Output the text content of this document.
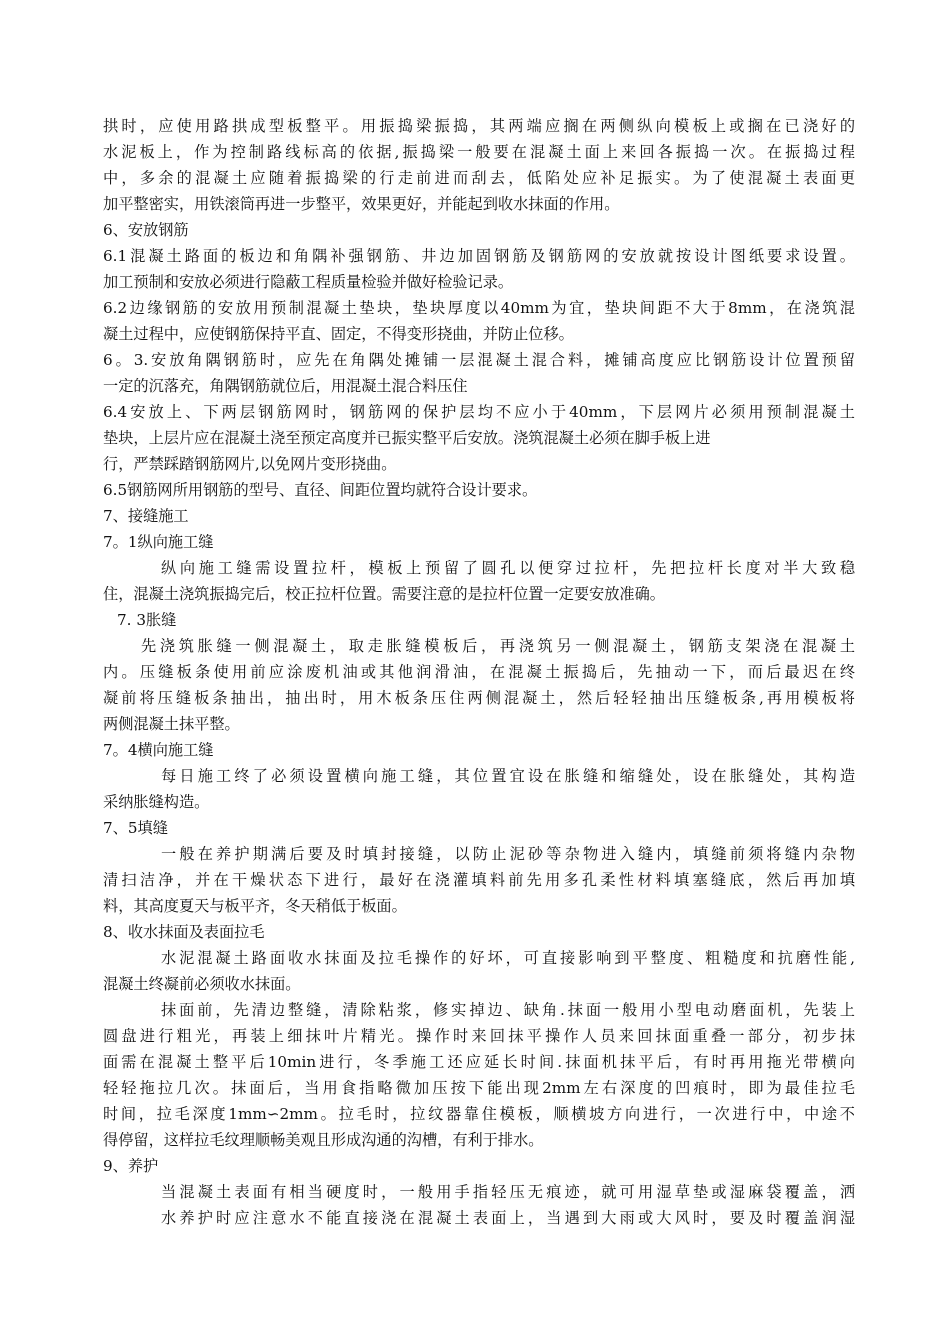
拱时，应使用路拱成型板整平。用振捣梁振捣，其两端应搁在两侧纵向模板上或搁在已浇好的
水泥板上，作为控制路线标高的依据,振捣梁一般要在混凝土面上来回各振捣一次。在振捣过程
中，多余的混凝土应随着振捣梁的行走前进而刮去，低陷处应补足振实。为了使混凝土表面更
加平整密实，用铁滚筒再进一步整平，效果更好，并能起到收水抹面的作用。
6、安放钢筋
6.1混凝土路面的板边和角隅补强钢筋、井边加固钢筋及钢筋网的安放就按设计图纸要求设置。
加工预制和安放必须进行隐蔽工程质量检验并做好检验记录。
6.2边缘钢筋的安放用预制混凝土垫块，垫块厚度以40mm为宜，垫块间距不大于8mm，在浇筑混
凝土过程中，应使钢筋保持平直、固定，不得变形挠曲，并防止位移。
6。3.安放角隅钢筋时，应先在角隅处摊铺一层混凝土混合料，摊铺高度应比钢筋设计位置预留
一定的沉落充，角隅钢筋就位后，用混凝土混合料压住
6.4安放上、下两层钢筋网时，钢筋网的保护层均不应小于40mm，下层网片必须用预制混凝土
垫块，上层片应在混凝土浇至预定高度并已振实整平后安放。浇筑混凝土必须在脚手板上进
行，严禁踩踏钢筋网片,以免网片变形挠曲。
6.5钢筋网所用钢筋的型号、直径、间距位置均就符合设计要求。
7、接缝施工
7。1纵向施工缝
纵向施工缝需设置拉杆，模板上预留了圆孔以便穿过拉杆，先把拉杆长度对半大致稳
住，混凝土浇筑振捣完后，校正拉杆位置。需要注意的是拉杆位置一定要安放准确。
7. 3胀缝
先浇筑胀缝一侧混凝土，取走胀缝模板后，再浇筑另一侧混凝土，钢筋支架浇在混凝土
内。压缝板条使用前应涂废机油或其他润滑油，在混凝土振捣后，先抽动一下，而后最迟在终
凝前将压缝板条抽出，抽出时，用木板条压住两侧混凝土，然后轻轻抽出压缝板条,再用模板将
两侧混凝土抹平整。
7。4横向施工缝
每日施工终了必须设置横向施工缝，其位置宜设在胀缝和缩缝处，设在胀缝处，其构造
采纳胀缝构造。
7、5填缝
一般在养护期满后要及时填封接缝，以防止泥砂等杂物进入缝内，填缝前须将缝内杂物
清扫洁净，并在干燥状态下进行，最好在浇灌填料前先用多孔柔性材料填塞缝底，然后再加填
料，其高度夏天与板平齐，冬天稍低于板面。
8、收水抹面及表面拉毛
水泥混凝土路面收水抹面及拉毛操作的好坏，可直接影响到平整度、粗糙度和抗磨性能,
混凝土终凝前必须收水抹面。
抹面前，先清边整缝，清除粘浆，修实掉边、缺角.抹面一般用小型电动磨面机，先装上
圆盘进行粗光，再装上细抹叶片精光。操作时来回抹平操作人员来回抹面重叠一部分，初步抹
面需在混凝土整平后10min进行，冬季施工还应延长时间.抹面机抹平后，有时再用拖光带横向
轻轻拖拉几次。抹面后，当用食指略微加压按下能出现2mm左右深度的凹痕时，即为最佳拉毛
时间，拉毛深度1mm∽2mm。拉毛时，拉纹器靠住模板，顺横坡方向进行，一次进行中，中途不
得停留，这样拉毛纹理顺畅美观且形成沟通的沟槽，有利于排水。
9、养护
当混凝土表面有相当硬度时，一般用手指轻压无痕迹，就可用湿草垫或湿麻袋覆盖，洒
水养护时应注意水不能直接浇在混凝土表面上，当遇到大雨或大风时，要及时覆盖润湿
